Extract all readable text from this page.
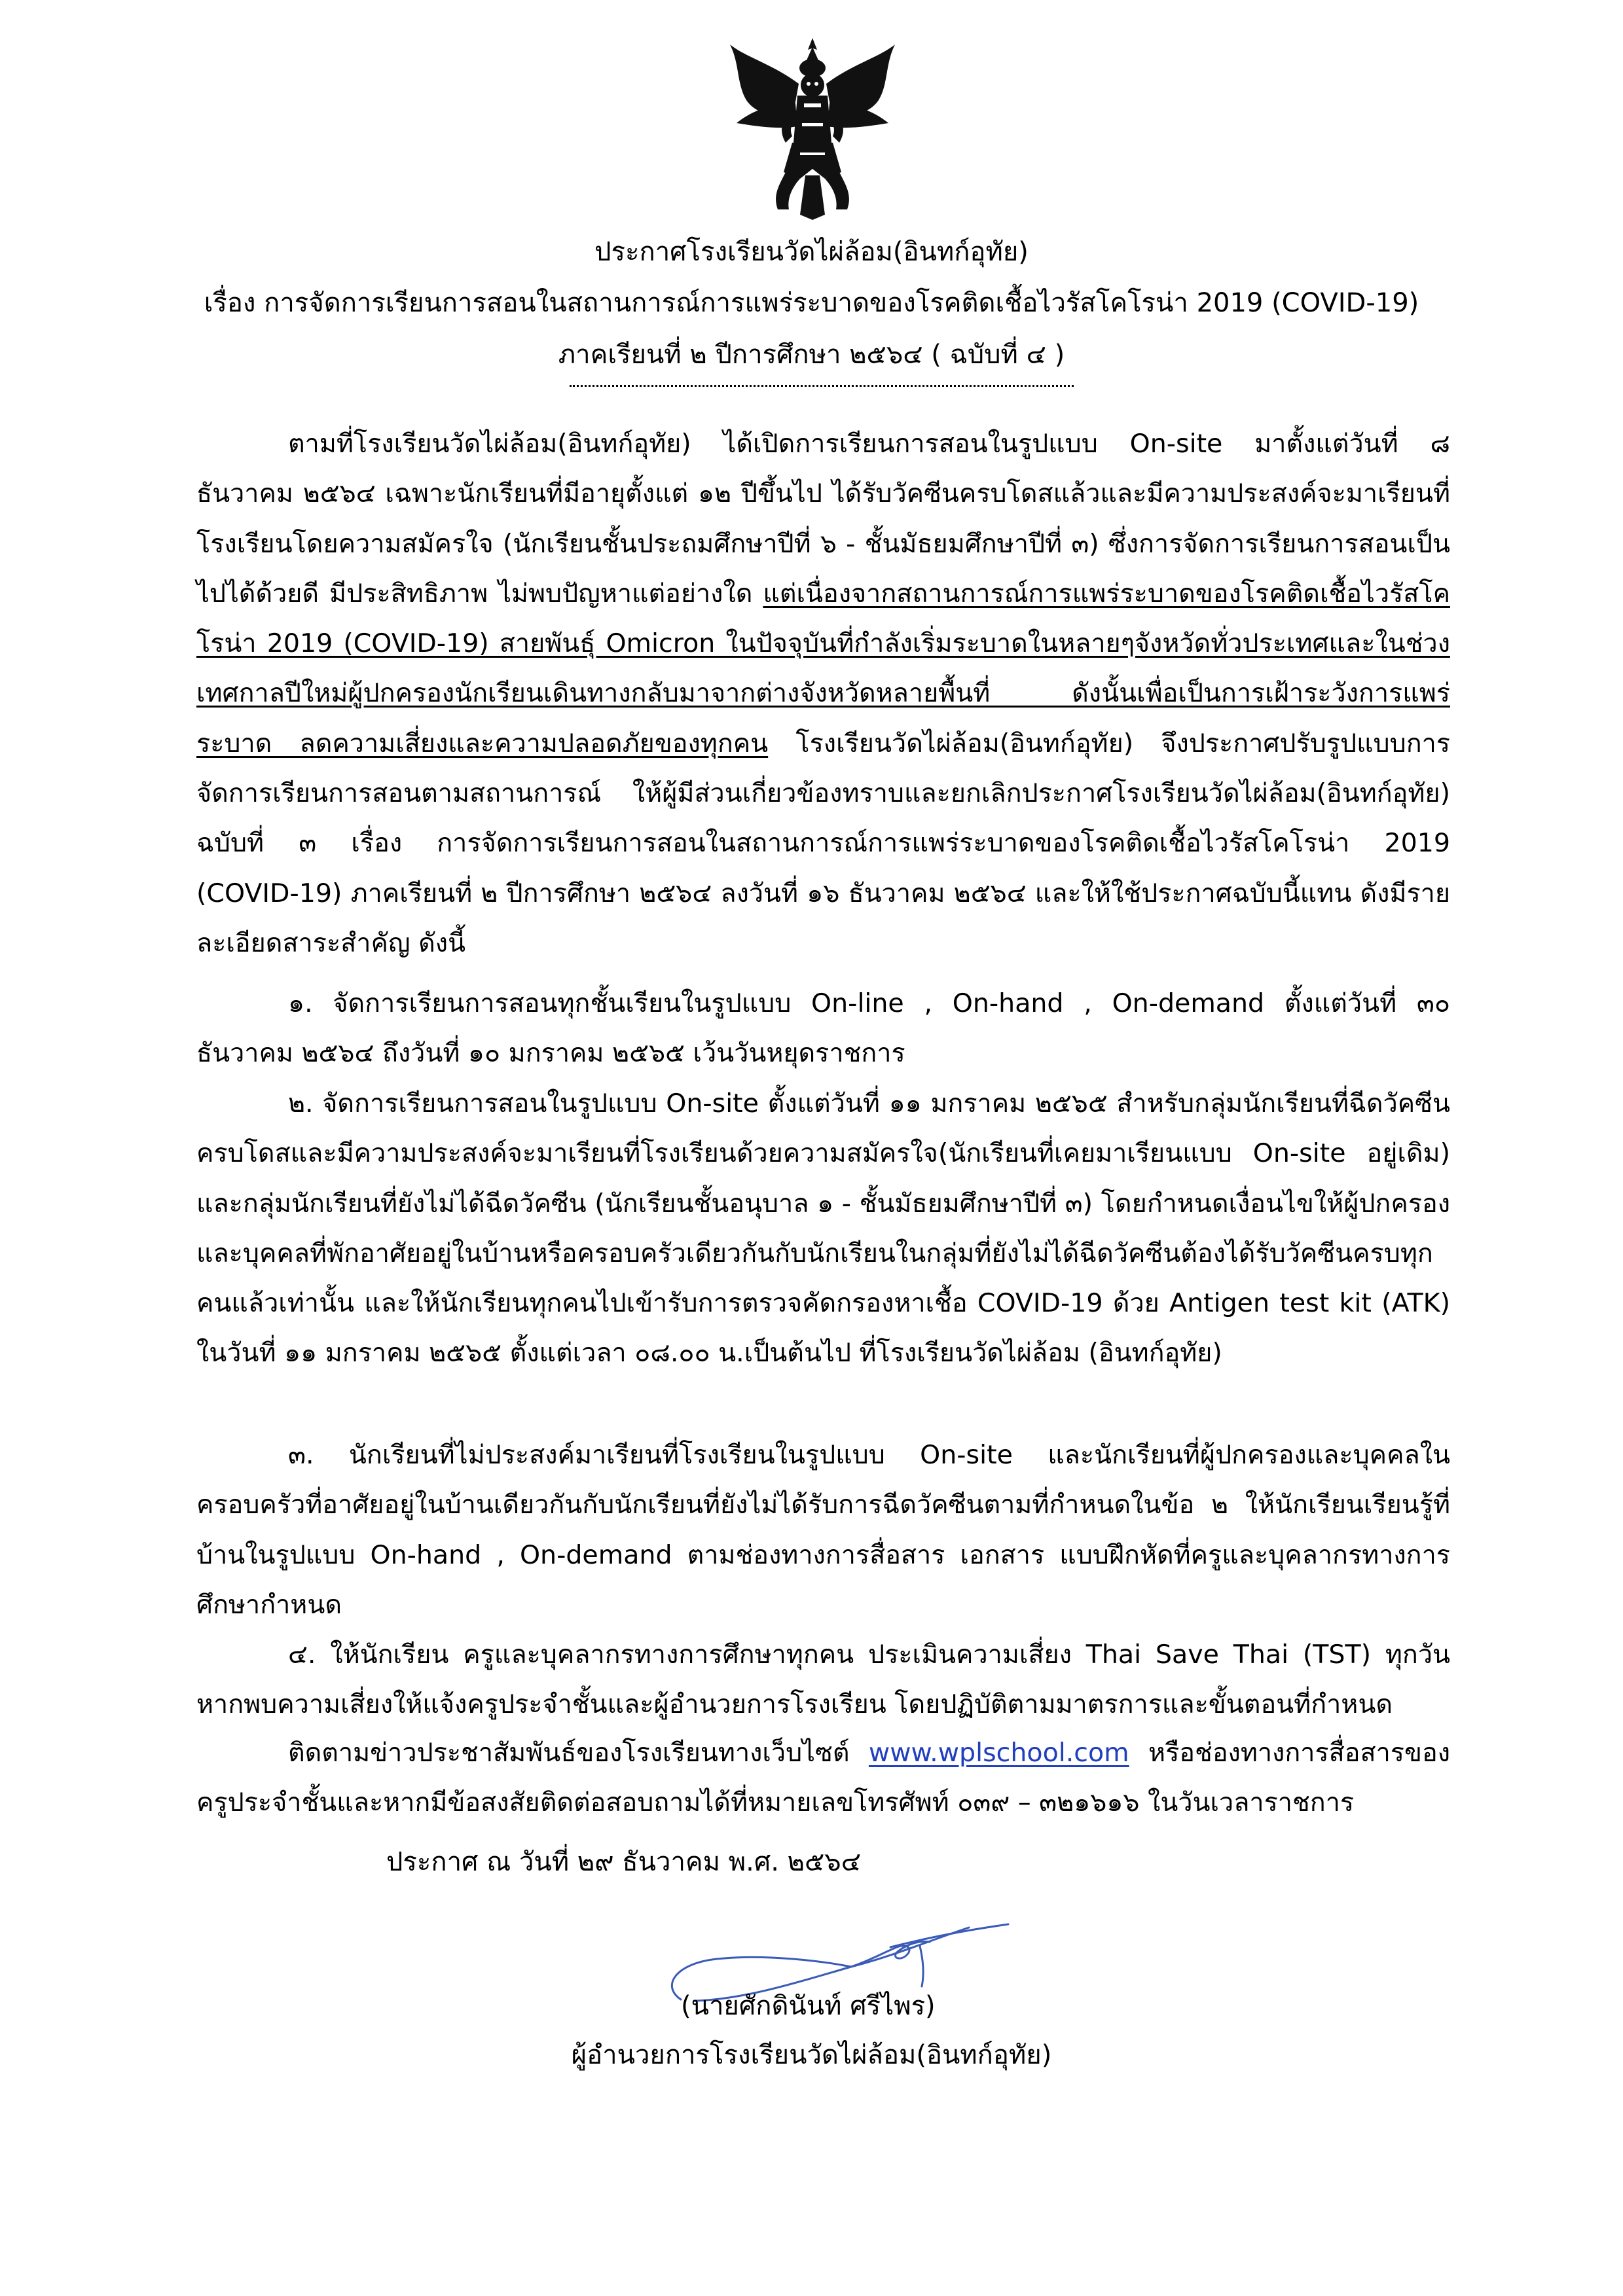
ประกาศโรงเรียนวัดไผ่ล้อม(อินทก์อุทัย)
เรื่อง การจัดการเรียนการสอนในสถานการณ์การแพร่ระบาดของโรคติดเชื้อไวรัสโคโรน่า 2019 (COVID-19)
ภาคเรียนที่ ๒ ปีการศึกษา ๒๕๖๔ ( ฉบับที่ ๔ )
ตามที่โรงเรียนวัดไผ่ล้อม(อินทก์อุทัย) ได้เปิดการเรียนการสอนในรูปแบบ On-site มาตั้งแต่วันที่ ๘ ธันวาคม ๒๕๖๔ เฉพาะนักเรียนที่มีอายุตั้งแต่ ๑๒ ปีขึ้นไป ได้รับวัคซีนครบโดสแล้วและมีความประสงค์จะมาเรียนที่โรงเรียนโดยความสมัครใจ (นักเรียนชั้นประถมศึกษาปีที่ ๖ - ชั้นมัธยมศึกษาปีที่ ๓) ซึ่งการจัดการเรียนการสอนเป็นไปได้ด้วยดี มีประสิทธิภาพ ไม่พบปัญหาแต่อย่างใด แต่เนื่องจากสถานการณ์การแพร่ระบาดของโรคติดเชื้อไวรัสโคโรน่า 2019 (COVID-19) สายพันธุ์ Omicron ในปัจจุบันที่กำลังเริ่มระบาดในหลายๆจังหวัดทั่วประเทศและในช่วงเทศกาลปีใหม่ผู้ปกครองนักเรียนเดินทางกลับมาจากต่างจังหวัดหลายพื้นที่ ดังนั้นเพื่อเป็นการเฝ้าระวังการแพร่ระบาด ลดความเสี่ยงและความปลอดภัยของทุกคน โรงเรียนวัดไผ่ล้อม(อินทก์อุทัย) จึงประกาศปรับรูปแบบการจัดการเรียนการสอนตามสถานการณ์ ให้ผู้มีส่วนเกี่ยวข้องทราบและยกเลิกประกาศโรงเรียนวัดไผ่ล้อม(อินทก์อุทัย) ฉบับที่ ๓ เรื่อง การจัดการเรียนการสอนในสถานการณ์การแพร่ระบาดของโรคติดเชื้อไวรัสโคโรน่า 2019 (COVID-19) ภาคเรียนที่ ๒ ปีการศึกษา ๒๕๖๔ ลงวันที่ ๑๖ ธันวาคม ๒๕๖๔ และให้ใช้ประกาศฉบับนี้แทน ดังมีรายละเอียดสาระสำคัญ ดังนี้
๑. จัดการเรียนการสอนทุกชั้นเรียนในรูปแบบ On-line , On-hand , On-demand ตั้งแต่วันที่ ๓๐ ธันวาคม ๒๕๖๔ ถึงวันที่ ๑๐ มกราคม ๒๕๖๕ เว้นวันหยุดราชการ
๒. จัดการเรียนการสอนในรูปแบบ On-site ตั้งแต่วันที่ ๑๑ มกราคม ๒๕๖๕ สำหรับกลุ่มนักเรียนที่ฉีดวัคซีนครบโดสและมีความประสงค์จะมาเรียนที่โรงเรียนด้วยความสมัครใจ(นักเรียนที่เคยมาเรียนแบบ On-site อยู่เดิม) และกลุ่มนักเรียนที่ยังไม่ได้ฉีดวัคซีน (นักเรียนชั้นอนุบาล ๑ - ชั้นมัธยมศึกษาปีที่ ๓) โดยกำหนดเงื่อนไขให้ผู้ปกครองและบุคคลที่พักอาศัยอยู่ในบ้านหรือครอบครัวเดียวกันกับนักเรียนในกลุ่มที่ยังไม่ได้ฉีดวัคซีนต้องได้รับวัคซีนครบทุกคนแล้วเท่านั้น และให้นักเรียนทุกคนไปเข้ารับการตรวจคัดกรองหาเชื้อ COVID-19 ด้วย Antigen test kit (ATK) ในวันที่ ๑๑ มกราคม ๒๕๖๕ ตั้งแต่เวลา ๐๘.๐๐ น.เป็นต้นไป ที่โรงเรียนวัดไผ่ล้อม (อินทก์อุทัย)
๓. นักเรียนที่ไม่ประสงค์มาเรียนที่โรงเรียนในรูปแบบ On-site และนักเรียนที่ผู้ปกครองและบุคคลในครอบครัวที่อาศัยอยู่ในบ้านเดียวกันกับนักเรียนที่ยังไม่ได้รับการฉีดวัคซีนตามที่กำหนดในข้อ ๒ ให้นักเรียนเรียนรู้ที่บ้านในรูปแบบ On-hand , On-demand ตามช่องทางการสื่อสาร เอกสาร แบบฝึกหัดที่ครูและบุคลากรทางการศึกษากำหนด
๔. ให้นักเรียน ครูและบุคลากรทางการศึกษาทุกคน ประเมินความเสี่ยง Thai Save Thai (TST) ทุกวัน หากพบความเสี่ยงให้แจ้งครูประจำชั้นและผู้อำนวยการโรงเรียน โดยปฏิบัติตามมาตรการและขั้นตอนที่กำหนด
ติดตามข่าวประชาสัมพันธ์ของโรงเรียนทางเว็บไซต์ www.wplschool.com หรือช่องทางการสื่อสารของครูประจำชั้นและหากมีข้อสงสัยติดต่อสอบถามได้ที่หมายเลขโทรศัพท์ ๐๓๙ – ๓๒๑๖๑๖ ในวันเวลาราชการ
ประกาศ ณ วันที่ ๒๙ ธันวาคม พ.ศ. ๒๕๖๔
(นายศักดินันท์ ศรีไพร)
ผู้อำนวยการโรงเรียนวัดไผ่ล้อม(อินทก์อุทัย)
